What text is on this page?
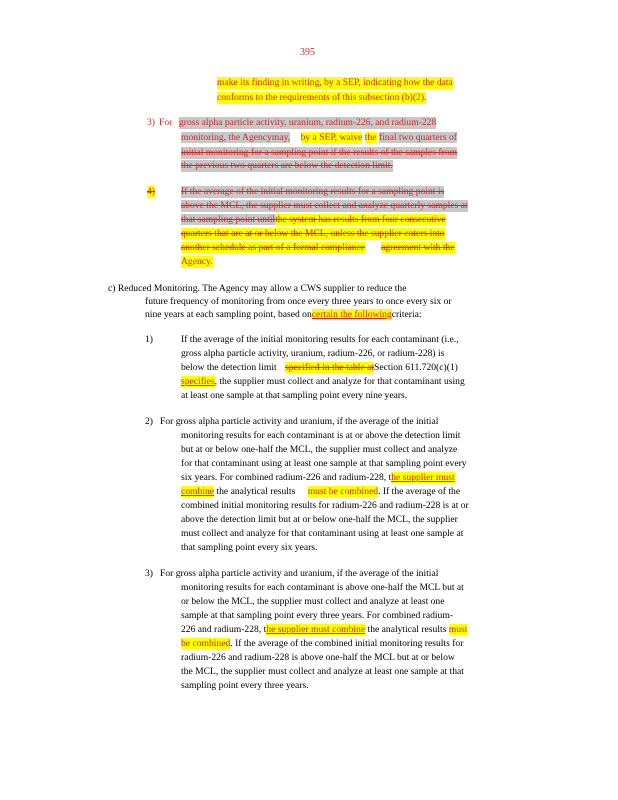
395
make its finding in writing, by a SEP, indicating how the data
conforms to the requirements of this subsection (b)(2).
3) For gross alpha particle activity, uranium, radium-226, and radium-228
monitoring, the Agencymay, by a SEP, waive the final two quarters of
initial monitoring for a sampling point if the results of the samples from
the previous two quarters are below the detection limit.
4)	If the average of the initial monitoring results for a sampling point is
above the MCL, the supplier must collect and analyze quarterly samples at
that sampling point untilthe system has results from four consecutive
quarters that are at or below the MCL, unless the supplier enters into
another schedule as part of a formal compliance agreement with the
Agency.
c) Reduced Monitoring. The Agency may allow a CWS supplier to reduce the
future frequency of monitoring from once every three years to once every six or
nine years at each sampling point, based oncertain the followingcriteria:
1)	If the average of the initial monitoring results for each contaminant (i.e.,
gross alpha particle activity, uranium, radium-226, or radium-228) is
below the detection limit specified in the table atSection 611.720(c)(1)
specifies, the supplier must collect and analyze for that contaminant using
at least one sample at that sampling point every nine years.
2) For gross alpha particle activity and uranium, if the average of the initial
monitoring results for each contaminant is at or above the detection limit
but at or below one-half the MCL, the supplier must collect and analyze
for that contaminant using at least one sample at that sampling point every
six years. For combined radium-226 and radium-228, the supplier must
combine the analytical results must be combined. If the average of the
combined initial monitoring results for radium-226 and radium-228 is at or
above the detection limit but at or below one-half the MCL, the supplier
must collect and analyze for that contaminant using at least one sample at
that sampling point every six years.
3) For gross alpha particle activity and uranium, if the average of the initial
monitoring results for each contaminant is above one-half the MCL but at
or below the MCL, the supplier must collect and analyze at least one
sample at that sampling point every three years. For combined radium-
226 and radium-228, the supplier must combine the analytical results must
be combined. If the average of the combined initial monitoring results for
radium-226 and radium-228 is above one-half the MCL but at or below
the MCL, the supplier must collect and analyze at least one sample at that
sampling point every three years.
